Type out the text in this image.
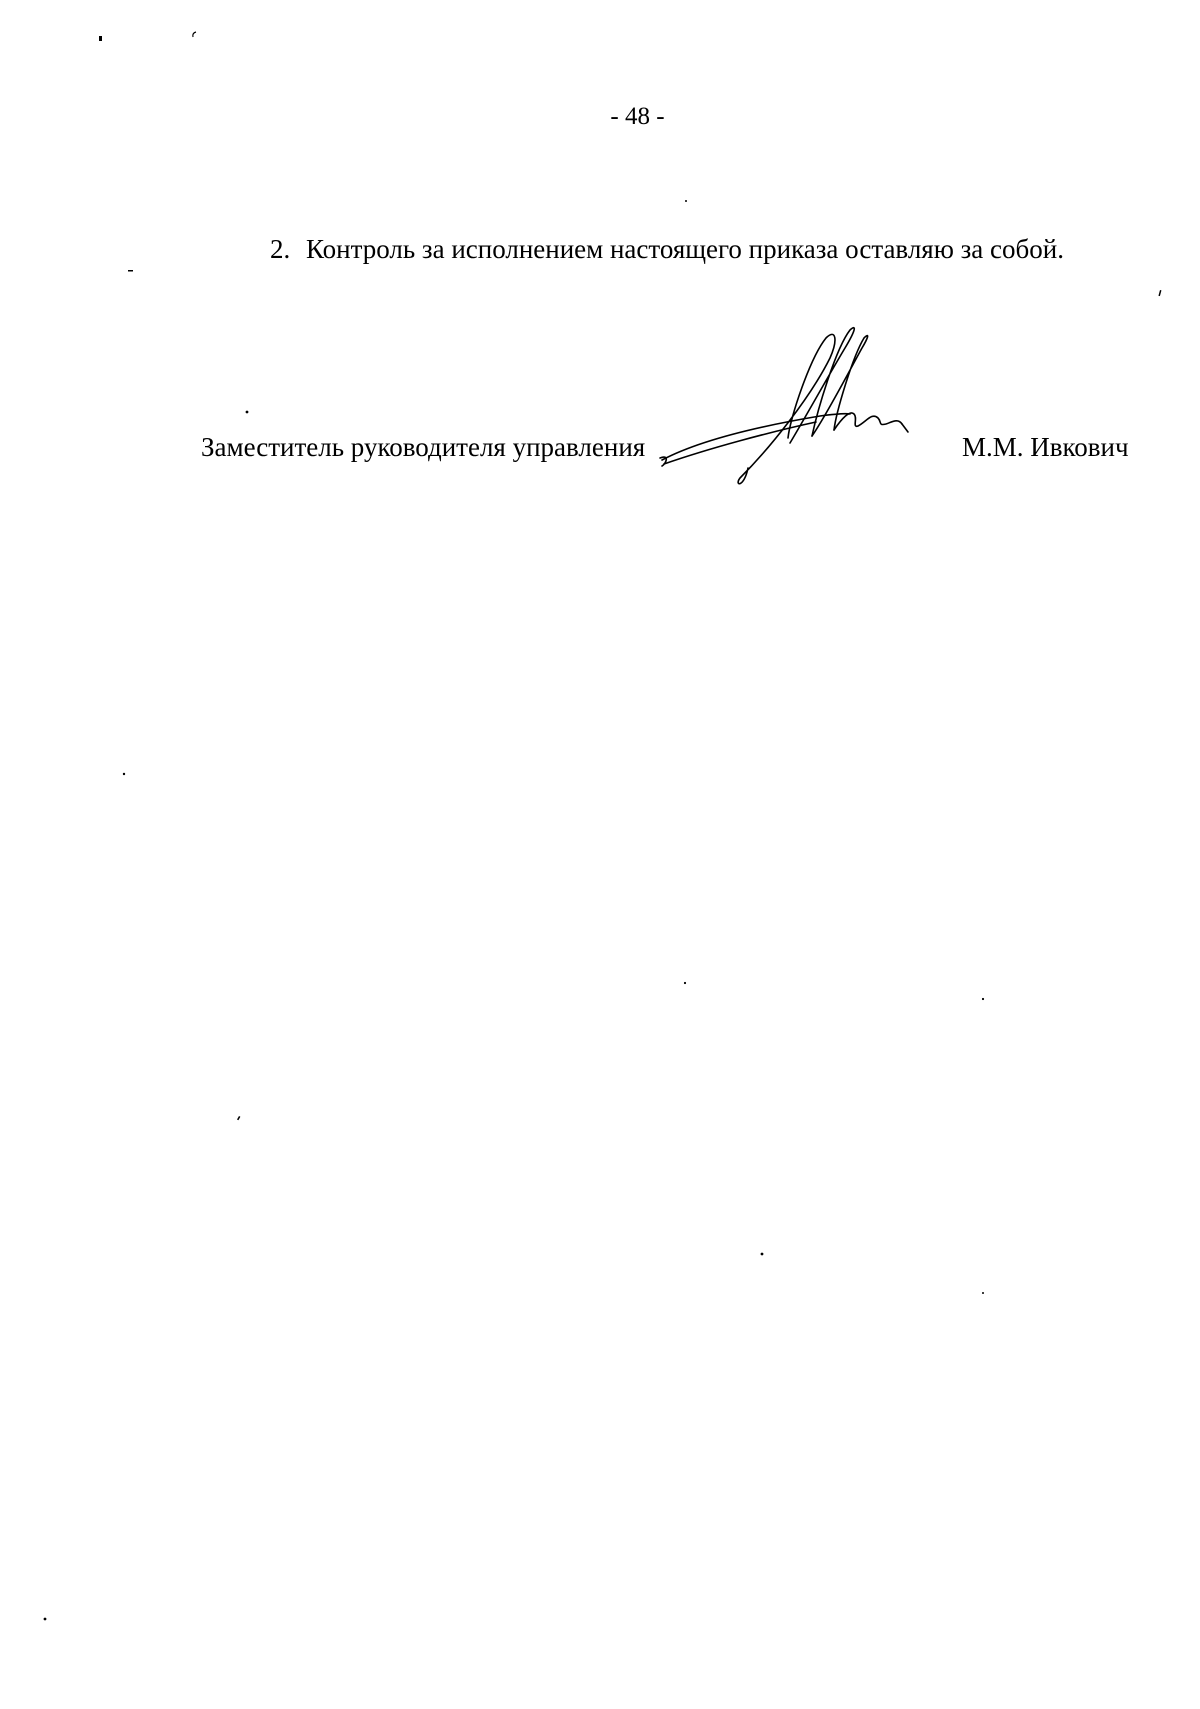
- 48 -
2. Контроль за исполнением настоящего приказа оставляю за собой.
Заместитель руководителя управления	М.М. Ивкович
